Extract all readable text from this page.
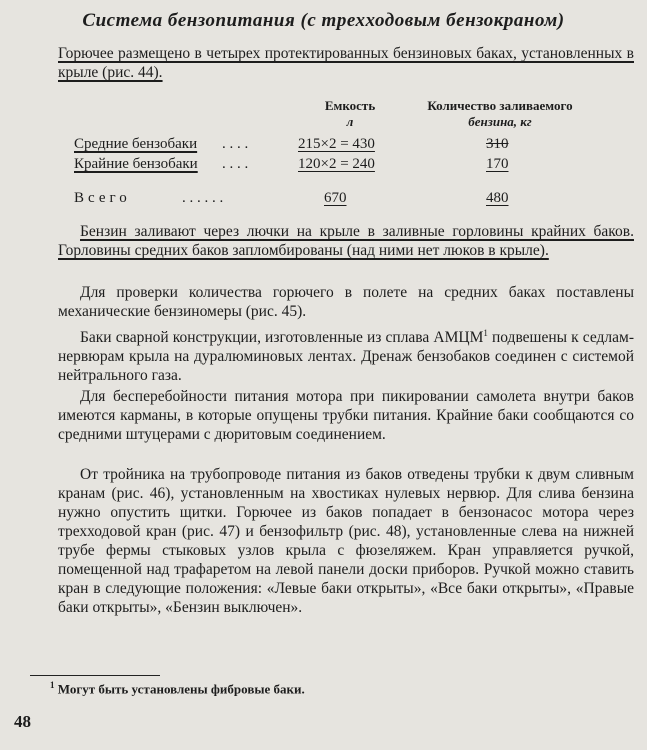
Система бензопитания (с трехходовым бензокраном)
Горючее размещено в четырех протектированных бензиновых баках, установленных в крыле (рис. 44).
Емкость
л
Количество заливаемого
бензина, кг
Средние бензобаки . . . .	215×2 = 430	310
Крайние бензобаки . . . .	120×2 = 240	170
Всего	. . . . . .	670	480
Бензин заливают через лючки на крыле в заливные горловины крайних баков. Горловины средних баков запломбированы (над ними нет люков в крыле).
Для проверки количества горючего в полете на средних баках поставлены механические бензиномеры (рис. 45).
Баки сварной конструкции, изготовленные из сплава АМЦМ$^1$ подвешены к седлам-нервюрам крыла на дуралюминовых лентах. Дренаж бензобаков соединен с системой нейтрального газа.
Для бесперебойности питания мотора при пикировании самолета внутри баков имеются карманы, в которые опущены трубки питания. Крайние баки сообщаются со средними штуцерами с дюритовым соединением.
От тройника на трубопроводе питания из баков отведены трубки к двум сливным кранам (рис. 46), установленным на хвостиках нулевых нервюр. Для слива бензина нужно опустить щитки. Горючее из баков попадает в бензонасос мотора через трехходовой кран (рис. 47) и бензофильтр (рис. 48), установленные слева на нижней трубе фермы стыковых узлов крыла с фюзеляжем. Кран управляется ручкой, помещенной над трафаретом на левой панели доски приборов. Ручкой можно ставить кран в следующие положения: «Левые баки открыты», «Все баки открыты», «Правые баки открыты», «Бензин выключен».
$^1$ Могут быть установлены фибровые баки.
48
